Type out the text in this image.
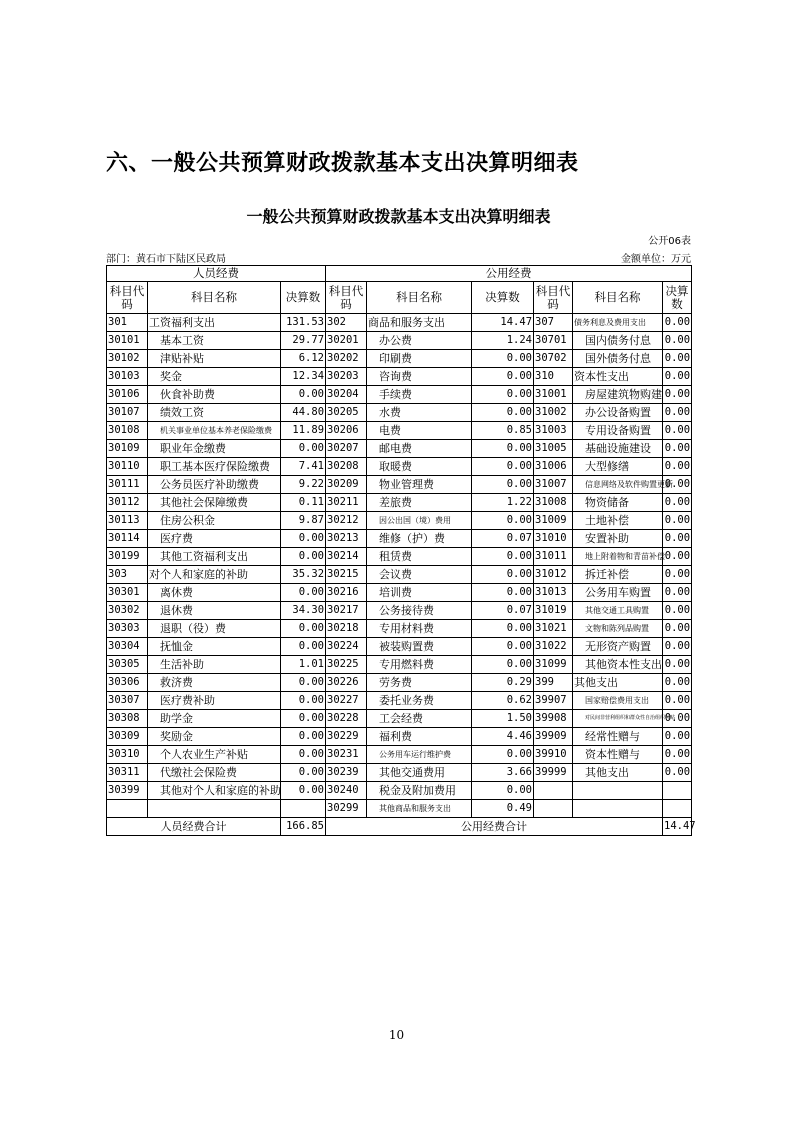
六、一般公共预算财政拨款基本支出决算明细表
一般公共预算财政拨款基本支出决算明细表
公开06表
部门：黄石市下陆区民政局	金额单位：万元
人员经费			公用经费					
科目代码	科目名称	决算数	科目代码	科目名称	决算数	科目代码	科目名称	决算数
301	工资福利支出	131.53	302	商品和服务支出	14.47	307	债务利息及费用支出	0.00
30101	基本工资	29.77	30201	办公费	1.24	30701	国内债务付息	0.00
30102	津贴补贴	6.12	30202	印刷费	0.00	30702	国外债务付息	0.00
30103	奖金	12.34	30203	咨询费	0.00	310	资本性支出	0.00
30106	伙食补助费	0.00	30204	手续费	0.00	31001	房屋建筑物购建	0.00
30107	绩效工资	44.80	30205	水费	0.00	31002	办公设备购置	0.00
30108	机关事业单位基本养老保险缴费	11.89	30206	电费	0.85	31003	专用设备购置	0.00
30109	职业年金缴费	0.00	30207	邮电费	0.00	31005	基础设施建设	0.00
30110	职工基本医疗保险缴费	7.41	30208	取暖费	0.00	31006	大型修缮	0.00
30111	公务员医疗补助缴费	9.22	30209	物业管理费	0.00	31007	信息网络及软件购置更新	0.00
30112	其他社会保障缴费	0.11	30211	差旅费	1.22	31008	物资储备	0.00
30113	住房公积金	9.87	30212	因公出国（境）费用	0.00	31009	土地补偿	0.00
30114	医疗费	0.00	30213	维修（护）费	0.07	31010	安置补助	0.00
30199	其他工资福利支出	0.00	30214	租赁费	0.00	31011	地上附着物和青苗补偿	0.00
303	对个人和家庭的补助	35.32	30215	会议费	0.00	31012	拆迁补偿	0.00
30301	离休费	0.00	30216	培训费	0.00	31013	公务用车购置	0.00
30302	退休费	34.30	30217	公务接待费	0.07	31019	其他交通工具购置	0.00
30303	退职（役）费	0.00	30218	专用材料费	0.00	31021	文物和陈列品购置	0.00
30304	抚恤金	0.00	30224	被装购置费	0.00	31022	无形资产购置	0.00
30305	生活补助	1.01	30225	专用燃料费	0.00	31099	其他资本性支出	0.00
30306	救济费	0.00	30226	劳务费	0.29	399	其他支出	0.00
30307	医疗费补助	0.00	30227	委托业务费	0.62	39907	国家赔偿费用支出	0.00
30308	助学金	0.00	30228	工会经费	1.50	39908	对民间非营利组织和群众性自治组织补贴	0.00
30309	奖励金	0.00	30229	福利费	4.46	39909	经常性赠与	0.00
30310	个人农业生产补贴	0.00	30231	公务用车运行维护费	0.00	39910	资本性赠与	0.00
30311	代缴社会保险费	0.00	30239	其他交通费用	3.66	39999	其他支出	0.00
30399	其他对个人和家庭的补助	0.00	30240	税金及附加费用	0.00			
			30299	其他商品和服务支出	0.49			
人员经费合计		166.85	公用经费合计					14.47
10
